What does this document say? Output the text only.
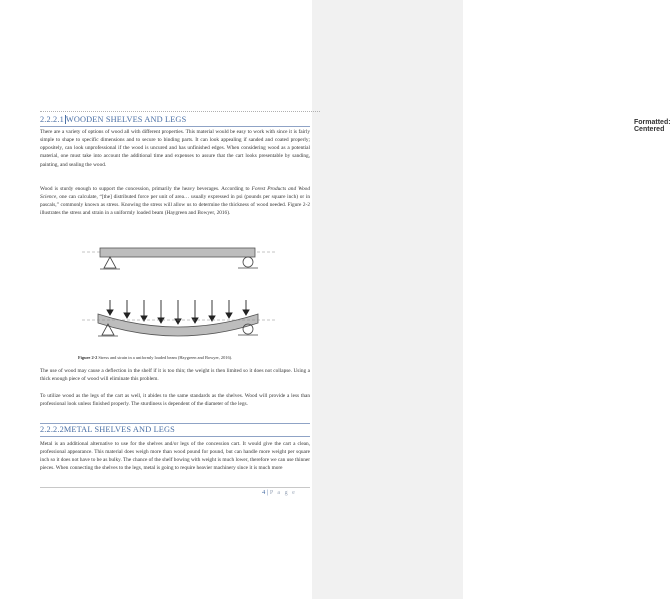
Formatted: Centered
2.2.2.1 WOODEN SHELVES AND LEGS
There are a variety of options of wood all with different properties. This material would be easy to work with since it is fairly simple to shape to specific dimensions and to secure to binding parts. It can look appealing if sanded and coated properly; oppositely, can look unprofessional if the wood is uncured and has unfinished edges. When considering wood as a potential material, one must take into account the additional time and expenses to assure that the cart looks presentable by sanding, painting, and sealing the wood.
Wood is sturdy enough to support the concession, primarily the heavy beverages. According to Forest Products and Wood Science, one can calculate, “[the] distributed force per unit of area… usually expressed in psi (pounds per square inch) or in pascals,” commonly known as stress. Knowing the stress will allow us to determine the thickness of wood needed. Figure 2-2 illustrates the stress and strain in a uniformly loaded beam (Haygreen and Bowyer, 2016).
Figure 2-2 Stress and strain in a uniformly loaded beam (Haygreen and Bowyer, 2016).
The use of wood may cause a deflection in the shelf if it is too thin; the weight is then limited so it does not collapse. Using a thick enough piece of wood will eliminate this problem.
To utilize wood as the legs of the cart as well, it abides to the same standards as the shelves. Wood will provide a less than professional look unless finished properly. The sturdiness is dependent of the diameter of the legs.
2.2.2.2METAL SHELVES AND LEGS
Metal is an additional alternative to use for the shelves and/or legs of the concession cart. It would give the cart a clean, professional appearance. This material does weigh more than wood pound for pound, but can handle more weight per square inch so it does not have to be as bulky. The chance of the shelf bowing with weight is much lower, therefore we can use thinner pieces. When connecting the shelves to the legs, metal is going to require heavier machinery since it is much more
4 | P a g e
